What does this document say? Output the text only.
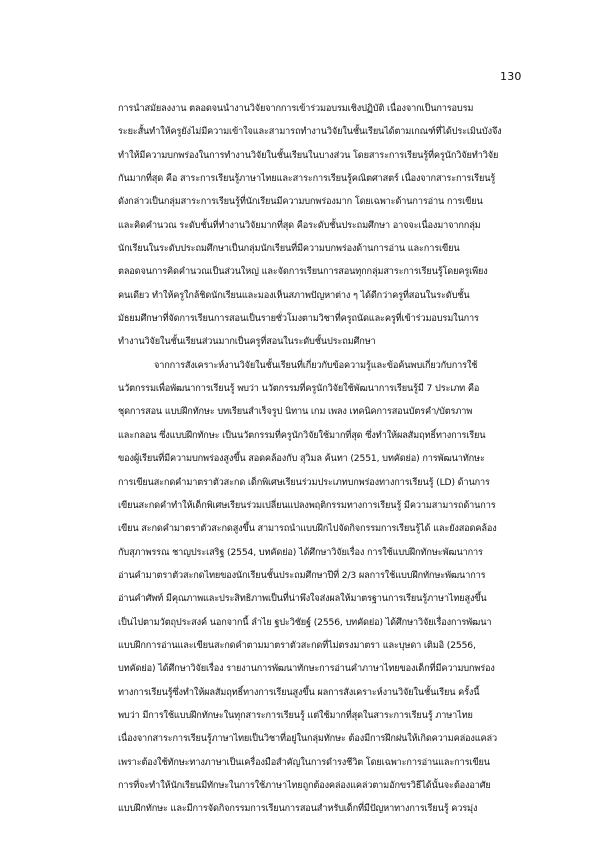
130
การนำสมัยลงงาน ตลอดจนนำงานวิจัยจากการเข้าร่วมอบรมเชิงปฏิบัติ เนื่องจากเป็นการอบรม
ระยะสั้นทำให้ครูยังไม่มีความเข้าใจและสามารถทำงานวิจัยในชั้นเรียนได้ตามเกณฑ์ที่ได้ประเมินบังจึง
ทำให้มีความบกพร่องในการทำงานวิจัยในชั้นเรียนในบางส่วน โดยสาระการเรียนรู้ที่ครูนักวิจัยทำวิจัย
กันมากที่สุด คือ สาระการเรียนรู้ภาษาไทยและสาระการเรียนรู้คณิตศาสตร์ เนื่องจากสาระการเรียนรู้
ดังกล่าวเป็นกลุ่มสาระการเรียนรู้ที่นักเรียนมีความบกพร่องมาก โดยเฉพาะด้านการอ่าน การเขียน
และคิดคำนวณ ระดับชั้นที่ทำงานวิจัยมากที่สุด คือระดับชั้นประถมศึกษา อาจจะเนื่องมาจากกลุ่ม
นักเรียนในระดับประถมศึกษาเป็นกลุ่มนักเรียนที่มีความบกพร่องด้านการอ่าน และการเขียน
ตลอดจนการคิดคำนวณเป็นส่วนใหญ่ และจัดการเรียนการสอนทุกกลุ่มสาระการเรียนรู้โดยครูเพียง
คนเดียว ทำให้ครูใกล้ชิดนักเรียนและมองเห็นสภาพปัญหาต่าง ๆ ได้ดีกว่าครูที่สอนในระดับชั้น
มัธยมศึกษาที่จัดการเรียนการสอนเป็นรายชั่วโมงตามวิชาที่ครูถนัดและครูที่เข้าร่วมอบรมในการ
ทำงานวิจัยในชั้นเรียนส่วนมากเป็นครูที่สอนในระดับชั้นประถมศึกษา
จากการสังเคราะห์งานวิจัยในชั้นเรียนที่เกี่ยวกับข้อความรู้และข้อค้นพบเกี่ยวกับการใช้
นวัตกรรมเพื่อพัฒนาการเรียนรู้ พบว่า นวัตกรรมที่ครูนักวิจัยใช้พัฒนาการเรียนรู้มี 7 ประเภท คือ
ชุดการสอน แบบฝึกทักษะ บทเรียนสำเร็จรูป นิทาน เกม เพลง เทคนิคการสอนบัตรคำ/บัตรภาพ
และกลอน ซึ่งแบบฝึกทักษะ เป็นนวัตกรรมที่ครูนักวิจัยใช้มากที่สุด ซึ่งทำให้ผลสัมฤทธิ์ทางการเรียน
ของผู้เรียนที่มีความบกพร่องสูงขึ้น สอดคล้องกับ สุวิมล ค้นทา (2551, บทคัดย่อ) การพัฒนาทักษะ
การเขียนสะกดคำมาตราตัวสะกด เด็กพิเศษเรียนร่วมประเภทบกพร่องทางการเรียนรู้ (LD) ด้านการ
เขียนสะกดคำทำให้เด็กพิเศษเรียนร่วมเปลี่ยนแปลงพฤติกรรมทางการเรียนรู้ มีความสามารถด้านการ
เขียน สะกดคำมาตราตัวสะกดสูงขึ้น สามารถนำแบบฝึกไปจัดกิจกรรมการเรียนรู้ได้ และยังสอดคล้อง
กับสุภาพรรณ ชาญประเสริฐ (2554, บทคัดย่อ) ได้ศึกษาวิจัยเรื่อง การใช้แบบฝึกทักษะพัฒนาการ
อ่านคำมาตราตัวสะกดไทยของนักเรียนชั้นประถมศึกษาปีที่ 2/3 ผลการใช้แบบฝึกทักษะพัฒนาการ
อ่านคำศัพท์ มีคุณภาพและประสิทธิภาพเป็นที่น่าพึงใจส่งผลให้มาตรฐานการเรียนรู้ภาษาไทยสูงขึ้น
เป็นไปตามวัตถุประสงค์ นอกจากนี้ ลำไย ฐปะวิชัยฐ์ (2556, บทคัดย่อ) ได้ศึกษาวิจัยเรื่องการพัฒนา
แบบฝึกการอ่านและเขียนสะกดคำตามมาตราตัวสะกดที่ไม่ตรงมาตรา และบุษดา เติมอิ (2556,
บทคัดย่อ) ได้ศึกษาวิจัยเรื่อง รายงานการพัฒนาทักษะการอ่านคำภาษาไทยของเด็กที่มีความบกพร่อง
ทางการเรียนรู้ซึ่งทำให้ผลสัมฤทธิ์ทางการเรียนสูงขึ้น ผลการสังเคราะห์งานวิจัยในชั้นเรียน ครั้งนี้
พบว่า มีการใช้แบบฝึกทักษะในทุกสาระการเรียนรู้ แต่ใช้มากที่สุดในสาระการเรียนรู้ ภาษาไทย
เนื่องจากสาระการเรียนรู้ภาษาไทยเป็นวิชาที่อยู่ในกลุ่มทักษะ ต้องมีการฝึกฝนให้เกิดความคล่องแคล่ว
เพราะต้องใช้ทักษะทางภาษาเป็นเครื่องมือสำคัญในการดำรงชีวิต โดยเฉพาะการอ่านและการเขียน
การที่จะทำให้นักเรียนมีทักษะในการใช้ภาษาไทยถูกต้องคล่องแคล่วตามอักขรวิธีได้นั้นจะต้องอาศัย
แบบฝึกทักษะ และมีการจัดกิจกรรมการเรียนการสอนสำหรับเด็กที่มีปัญหาทางการเรียนรู้ ควรมุ่ง
